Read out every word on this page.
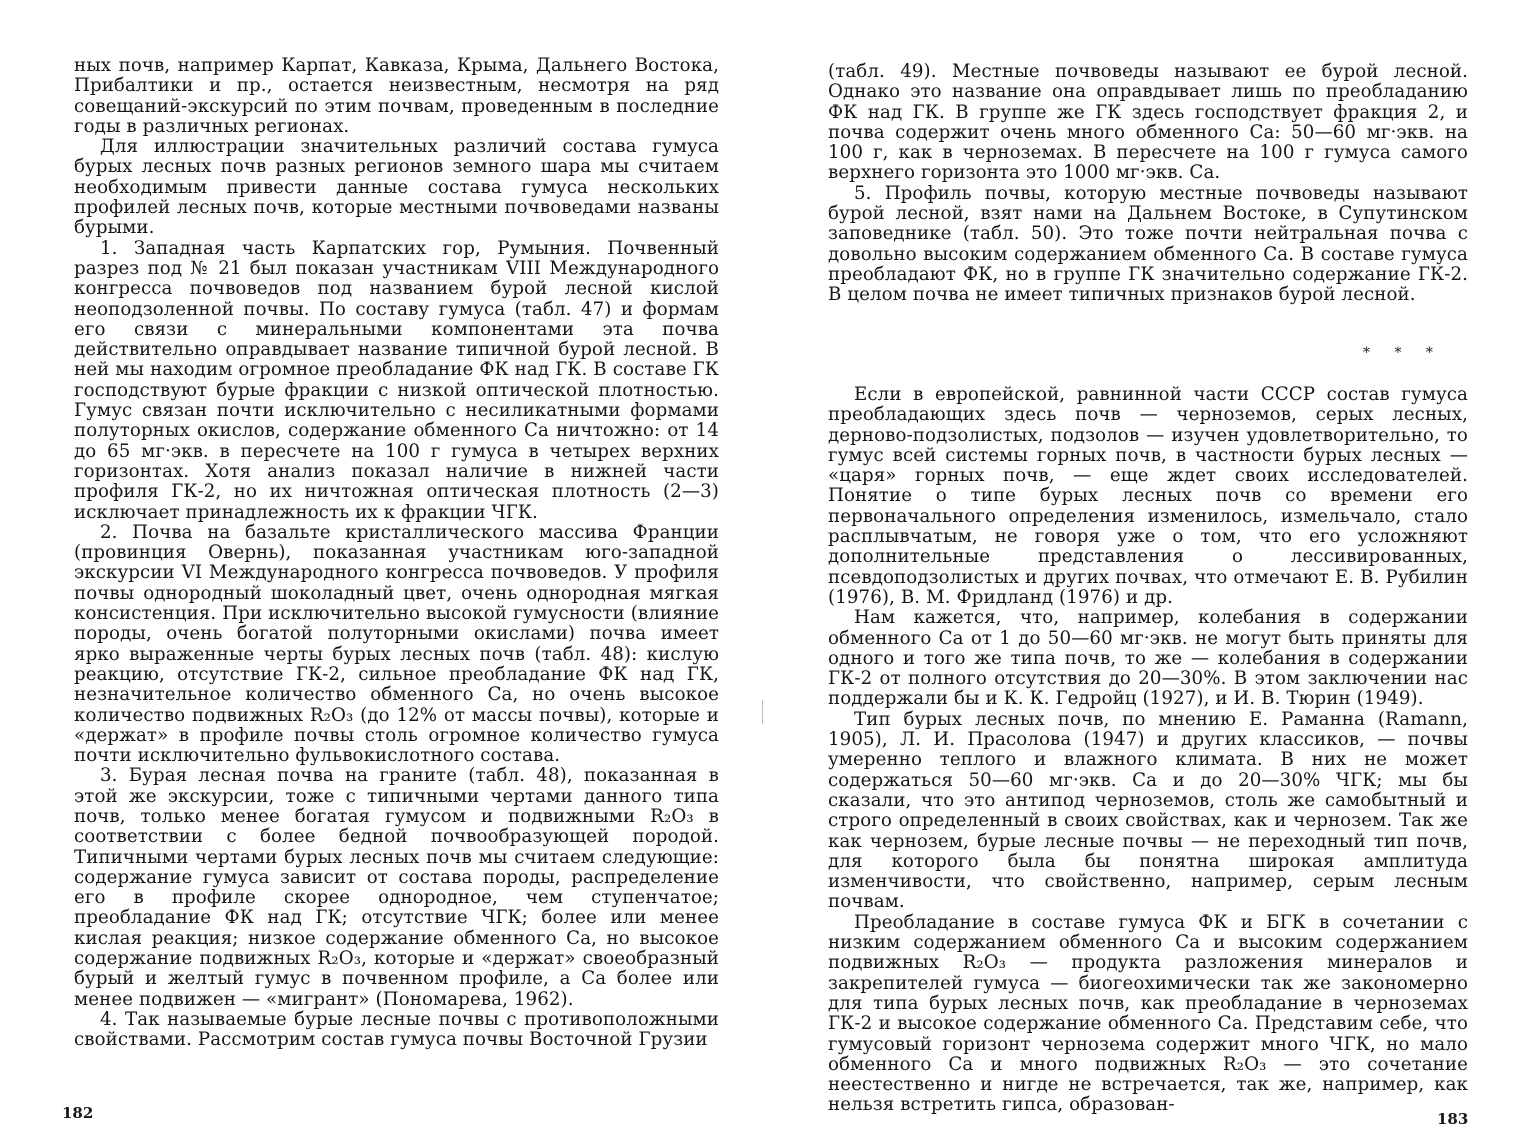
ных почв, например Карпат, Кавказа, Крыма, Дальнего Востока, Прибалтики и пр., остается неизвестным, несмотря на ряд совещаний-экскурсий по этим почвам, проведенным в последние годы в различных регионах.

Для иллюстрации значительных различий состава гумуса бурых лесных почв разных регионов земного шара мы считаем необходимым привести данные состава гумуса нескольких профилей лесных почв, которые местными почвоведами названы бурыми.

1. Западная часть Карпатских гор, Румыния. Почвенный разрез под № 21 был показан участникам VIII Международного конгресса почвоведов под названием бурой лесной кислой неоподзоленной почвы. По составу гумуса (табл. 47) и формам его связи с минеральными компонентами эта почва действительно оправдывает название типичной бурой лесной. В ней мы находим огромное преобладание ФК над ГК. В составе ГК господствуют бурые фракции с низкой оптической плотностью. Гумус связан почти исключительно с несиликатными формами полуторных окислов, содержание обменного Са ничтожно: от 14 до 65 мг·экв. в пересчете на 100 г гумуса в четырех верхних горизонтах. Хотя анализ показал наличие в нижней части профиля ГК-2, но их ничтожная оптическая плотность (2—3) исключает принадлежность их к фракции ЧГК.

2. Почва на базальте кристаллического массива Франции (провинция Овернь), показанная участникам юго-западной экскурсии VI Международного конгресса почвоведов. У профиля почвы однородный шоколадный цвет, очень однородная мягкая консистенция. При исключительно высокой гумусности (влияние породы, очень богатой полуторными окислами) почва имеет ярко выраженные черты бурых лесных почв (табл. 48): кислую реакцию, отсутствие ГК-2, сильное преобладание ФК над ГК, незначительное количество обменного Са, но очень высокое количество подвижных R₂O₃ (до 12% от массы почвы), которые и «держат» в профиле почвы столь огромное количество гумуса почти исключительно фульвокислотного состава.

3. Бурая лесная почва на граните (табл. 48), показанная в этой же экскурсии, тоже с типичными чертами данного типа почв, только менее богатая гумусом и подвижными R₂O₃ в соответствии с более бедной почвообразующей породой. Типичными чертами бурых лесных почв мы считаем следующие: содержание гумуса зависит от состава породы, распределение его в профиле скорее однородное, чем ступенчатое; преобладание ФК над ГК; отсутствие ЧГК; более или менее кислая реакция; низкое содержание обменного Са, но высокое содержание подвижных R₂O₃, которые и «держат» своеобразный бурый и желтый гумус в почвенном профиле, а Са более или менее подвижен — «мигрант» (Пономарева, 1962).

4. Так называемые бурые лесные почвы с противоположными свойствами. Рассмотрим состав гумуса почвы Восточной Грузии

182

(табл. 49). Местные почвоведы называют ее бурой лесной. Однако это название она оправдывает лишь по преобладанию ФК над ГК. В группе же ГК здесь господствует фракция 2, и почва содержит очень много обменного Са: 50—60 мг·экв. на 100 г, как в черноземах. В пересчете на 100 г гумуса самого верхнего горизонта это 1000 мг·экв. Са.

5. Профиль почвы, которую местные почвоведы называют бурой лесной, взят нами на Дальнем Востоке, в Супутинском заповеднике (табл. 50). Это тоже почти нейтральная почва с довольно высоким содержанием обменного Са. В составе гумуса преобладают ФК, но в группе ГК значительно содержание ГК-2. В целом почва не имеет типичных признаков бурой лесной.

* * *

Если в европейской, равнинной части СССР состав гумуса преобладающих здесь почв — черноземов, серых лесных, дерново-подзолистых, подзолов — изучен удовлетворительно, то гумус всей системы горных почв, в частности бурых лесных — «царя» горных почв, — еще ждет своих исследователей. Понятие о типе бурых лесных почв со времени его первоначального определения изменилось, измельчало, стало расплывчатым, не говоря уже о том, что его усложняют дополнительные представления о лессивированных, псевдоподзолистых и других почвах, что отмечают Е. В. Рубилин (1976), В. М. Фридланд (1976) и др.

Нам кажется, что, например, колебания в содержании обменного Са от 1 до 50—60 мг·экв. не могут быть приняты для одного и того же типа почв, то же — колебания в содержании ГК-2 от полного отсутствия до 20—30%. В этом заключении нас поддержали бы и К. К. Гедройц (1927), и И. В. Тюрин (1949).

Тип бурых лесных почв, по мнению Е. Раманна (Ramann, 1905), Л. И. Прасолова (1947) и других классиков, — почвы умеренно теплого и влажного климата. В них не может содержаться 50—60 мг·экв. Са и до 20—30% ЧГК; мы бы сказали, что это антипод черноземов, столь же самобытный и строго определенный в своих свойствах, как и чернозем. Так же как чернозем, бурые лесные почвы — не переходный тип почв, для которого была бы понятна широкая амплитуда изменчивости, что свойственно, например, серым лесным почвам.

Преобладание в составе гумуса ФК и БГК в сочетании с низким содержанием обменного Са и высоким содержанием подвижных R₂O₃ — продукта разложения минералов и закрепителей гумуса — биогеохимически так же закономерно для типа бурых лесных почв, как преобладание в черноземах ГК-2 и высокое содержание обменного Са. Представим себе, что гумусовый горизонт чернозема содержит много ЧГК, но мало обменного Са и много подвижных R₂O₃ — это сочетание неестественно и нигде не встречается, так же, например, как нельзя встретить гипса, образован-

183
